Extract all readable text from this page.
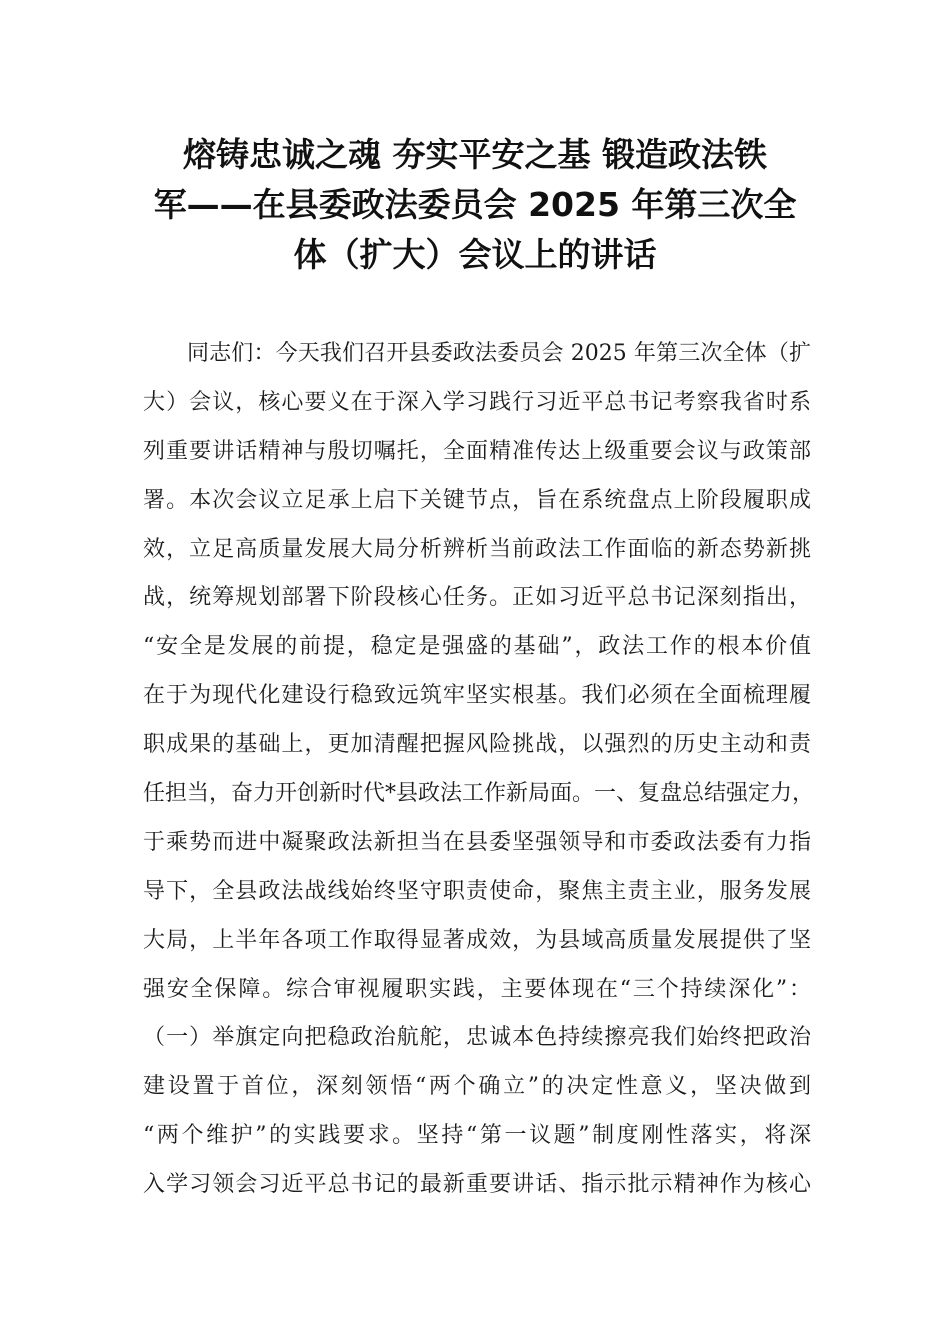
熔铸忠诚之魂 夯实平安之基 锻造政法铁
军——在县委政法委员会 2025 年第三次全
体（扩大）会议上的讲话
同志们：今天我们召开县委政法委员会 2025 年第三次全体（扩
大）会议，核心要义在于深入学习践行习近平总书记考察我省时系
列重要讲话精神与殷切嘱托，全面精准传达上级重要会议与政策部
署。本次会议立足承上启下关键节点，旨在系统盘点上阶段履职成
效，立足高质量发展大局分析辨析当前政法工作面临的新态势新挑
战，统筹规划部署下阶段核心任务。正如习近平总书记深刻指出，
“安全是发展的前提，稳定是强盛的基础”，政法工作的根本价值
在于为现代化建设行稳致远筑牢坚实根基。我们必须在全面梳理履
职成果的基础上，更加清醒把握风险挑战，以强烈的历史主动和责
任担当，奋力开创新时代*县政法工作新局面。一、复盘总结强定力，
于乘势而进中凝聚政法新担当在县委坚强领导和市委政法委有力指
导下，全县政法战线始终坚守职责使命，聚焦主责主业，服务发展
大局，上半年各项工作取得显著成效，为县域高质量发展提供了坚
强安全保障。综合审视履职实践，主要体现在“三个持续深化”：
（一）举旗定向把稳政治航舵，忠诚本色持续擦亮我们始终把政治
建设置于首位，深刻领悟“两个确立”的决定性意义，坚决做到
“两个维护”的实践要求。坚持“第一议题”制度刚性落实，将深
入学习领会习近平总书记的最新重要讲话、指示批示精神作为核心
